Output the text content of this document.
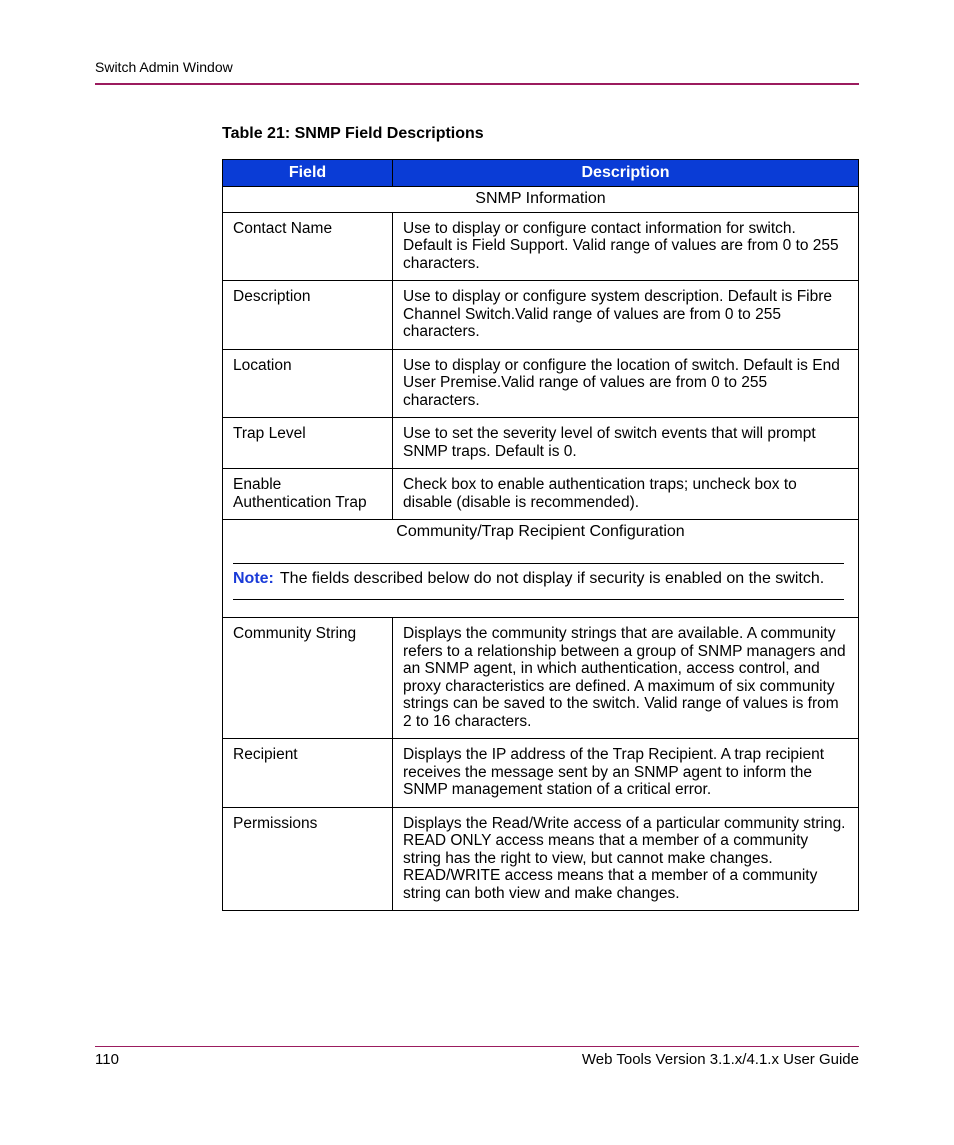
Switch Admin Window
Table 21: SNMP Field Descriptions
Field	Description
SNMP Information	
Contact Name	Use to display or configure contact information for switch. Default is Field Support. Valid range of values are from 0 to 255 characters.
Description	Use to display or configure system description. Default is Fibre Channel Switch.Valid range of values are from 0 to 255 characters.
Location	Use to display or configure the location of switch. Default is End User Premise.Valid range of values are from 0 to 255 characters.
Trap Level	Use to set the severity level of switch events that will prompt SNMP traps. Default is 0.
Enable Authentication Trap	Check box to enable authentication traps; uncheck box to disable (disable is recommended).

Community/Trap Recipient Configuration
Note: The fields described below do not display if security is enabled on the switch.	

Community String	Displays the community strings that are available. A community refers to a relationship between a group of SNMP managers and an SNMP agent, in which authentication, access control, and proxy characteristics are defined. A maximum of six community strings can be saved to the switch. Valid range of values is from 2 to 16 characters.
Recipient	Displays the IP address of the Trap Recipient. A trap recipient receives the message sent by an SNMP agent to inform the SNMP management station of a critical error.
Permissions	Displays the Read/Write access of a particular community string. READ ONLY access means that a member of a community string has the right to view, but cannot make changes. READ/WRITE access means that a member of a community string can both view and make changes.
110	Web Tools Version 3.1.x/4.1.x User Guide
